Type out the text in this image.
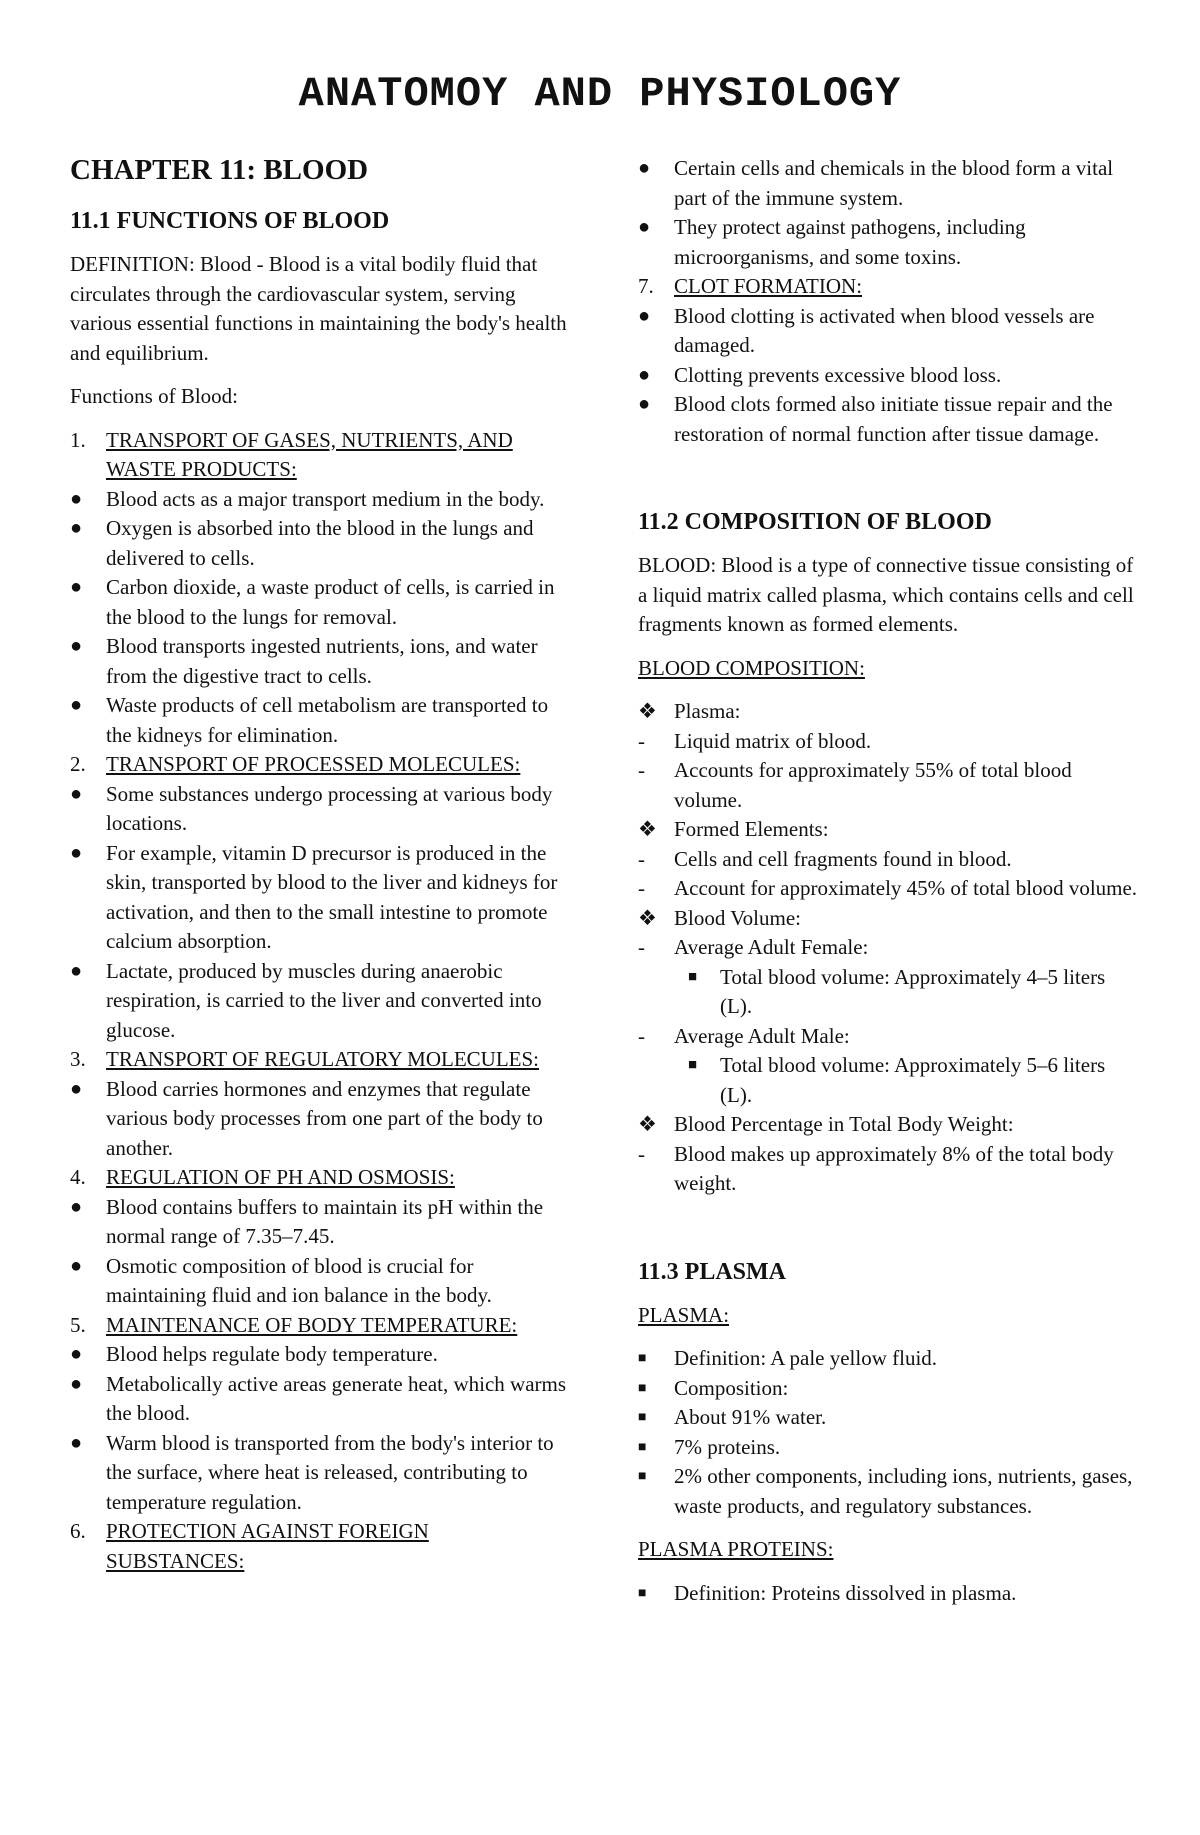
ANATOMOY AND PHYSIOLOGY
CHAPTER 11: BLOOD
11.1 FUNCTIONS OF BLOOD

DEFINITION: Blood - Blood is a vital bodily fluid that circulates through the cardiovascular system, serving various essential functions in maintaining the body's health and equilibrium.

Functions of Blood:

1. TRANSPORT OF GASES, NUTRIENTS, AND WASTE PRODUCTS:
●	Blood acts as a major transport medium in the body.
●	Oxygen is absorbed into the blood in the lungs and delivered to cells.
●	Carbon dioxide, a waste product of cells, is carried in the blood to the lungs for removal.
●	Blood transports ingested nutrients, ions, and water from the digestive tract to cells.
●	Waste products of cell metabolism are transported to the kidneys for elimination.
2. TRANSPORT OF PROCESSED MOLECULES:
●	Some substances undergo processing at various body locations.
●	For example, vitamin D precursor is produced in the skin, transported by blood to the liver and kidneys for activation, and then to the small intestine to promote calcium absorption.
●	Lactate, produced by muscles during anaerobic respiration, is carried to the liver and converted into glucose.
3. TRANSPORT OF REGULATORY MOLECULES:
●	Blood carries hormones and enzymes that regulate various body processes from one part of the body to another.
4. REGULATION OF PH AND OSMOSIS:
●	Blood contains buffers to maintain its pH within the normal range of 7.35–7.45.
●	Osmotic composition of blood is crucial for maintaining fluid and ion balance in the body.
5. MAINTENANCE OF BODY TEMPERATURE:
●	Blood helps regulate body temperature.
●	Metabolically active areas generate heat, which warms the blood.
●	Warm blood is transported from the body's interior to the surface, where heat is released, contributing to temperature regulation.
6. PROTECTION AGAINST FOREIGN SUBSTANCES:
●	Certain cells and chemicals in the blood form a vital part of the immune system.
●	They protect against pathogens, including microorganisms, and some toxins.
7. CLOT FORMATION:
●	Blood clotting is activated when blood vessels are damaged.
●	Clotting prevents excessive blood loss.
●	Blood clots formed also initiate tissue repair and the restoration of normal function after tissue damage.
11.2 COMPOSITION OF BLOOD

BLOOD: Blood is a type of connective tissue consisting of a liquid matrix called plasma, which contains cells and cell fragments known as formed elements.

BLOOD COMPOSITION:

❖ Plasma:
-	Liquid matrix of blood.
-	Accounts for approximately 55% of total blood volume.
❖ Formed Elements:
-	Cells and cell fragments found in blood.
-	Account for approximately 45% of total blood volume.
❖ Blood Volume:
-	Average Adult Female:
■	Total blood volume: Approximately 4–5 liters (L).
-	Average Adult Male:
■	Total blood volume: Approximately 5–6 liters (L).
❖ Blood Percentage in Total Body Weight:
-	Blood makes up approximately 8% of the total body weight.
11.3 PLASMA

PLASMA:

■	Definition: A pale yellow fluid.
■	Composition:
■	About 91% water.
■	7% proteins.
■	2% other components, including ions, nutrients, gases, waste products, and regulatory substances.

PLASMA PROTEINS:

■	Definition: Proteins dissolved in plasma.
